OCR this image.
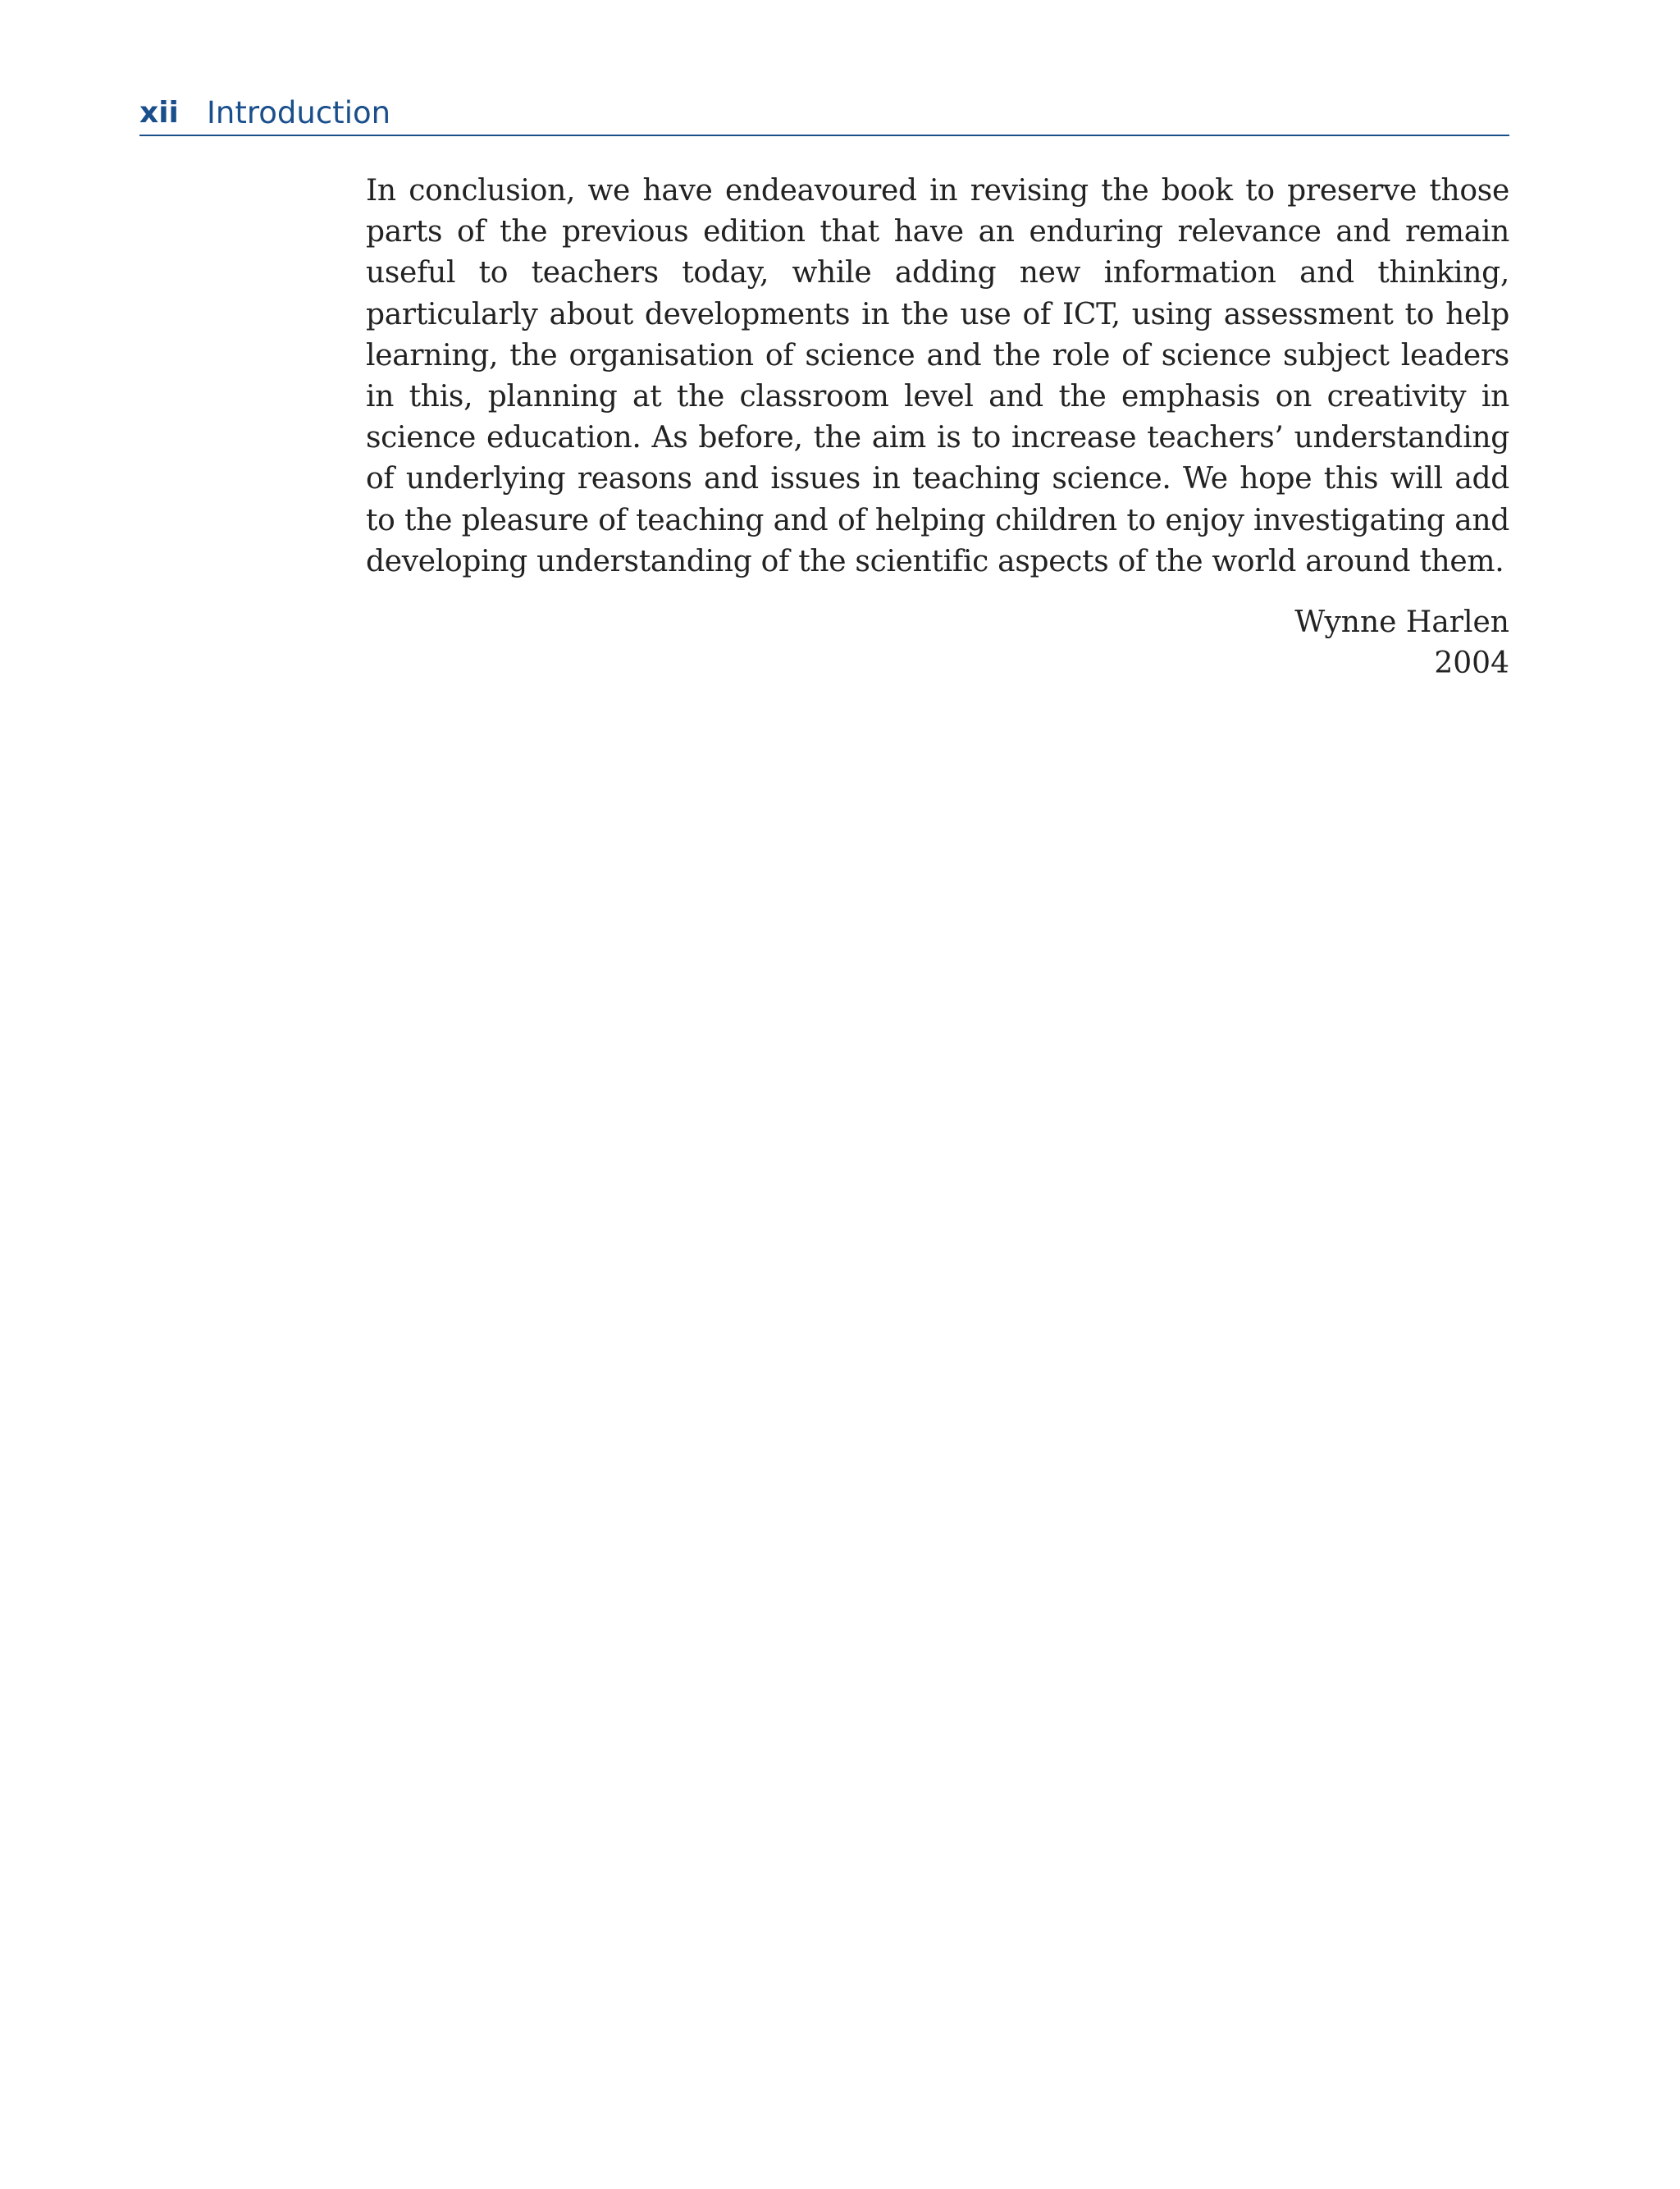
xii Introduction

In conclusion, we have endeavoured in revising the book to preserve those parts of the previous edition that have an enduring relevance and remain useful to teachers today, while adding new information and thinking, particularly about developments in the use of ICT, using assessment to help learning, the organisation of science and the role of science subject leaders in this, planning at the classroom level and the emphasis on creativity in science education. As before, the aim is to increase teachers’ understanding of underlying reasons and issues in teaching science. We hope this will add to the pleasure of teaching and of helping children to enjoy investigating and developing understanding of the scientific aspects of the world around them.

Wynne Harlen
2004
